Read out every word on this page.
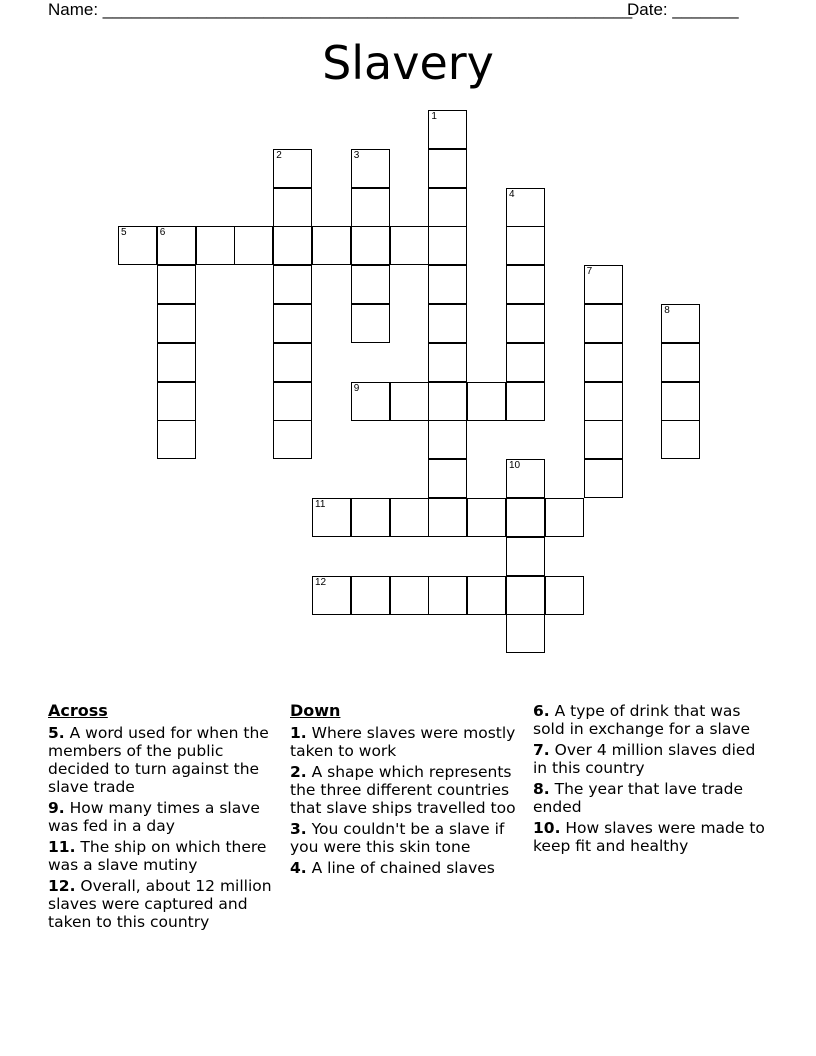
Name: ________________________________________________________
Date: _______
Slavery
1
2	3
4
5	6
7
8
9
10
11
12
Across
5. A word used for when the members of the public decided to turn against the slave trade
9. How many times a slave was fed in a day
11. The ship on which there was a slave mutiny
12. Overall, about 12 million slaves were captured and taken to this country
Down
1. Where slaves were mostly taken to work
2. A shape which represents the three different countries that slave ships travelled too
3. You couldn't be a slave if you were this skin tone
4. A line of chained slaves
6. A type of drink that was sold in exchange for a slave
7. Over 4 million slaves died in this country
8. The year that lave trade ended
10. How slaves were made to keep fit and healthy
